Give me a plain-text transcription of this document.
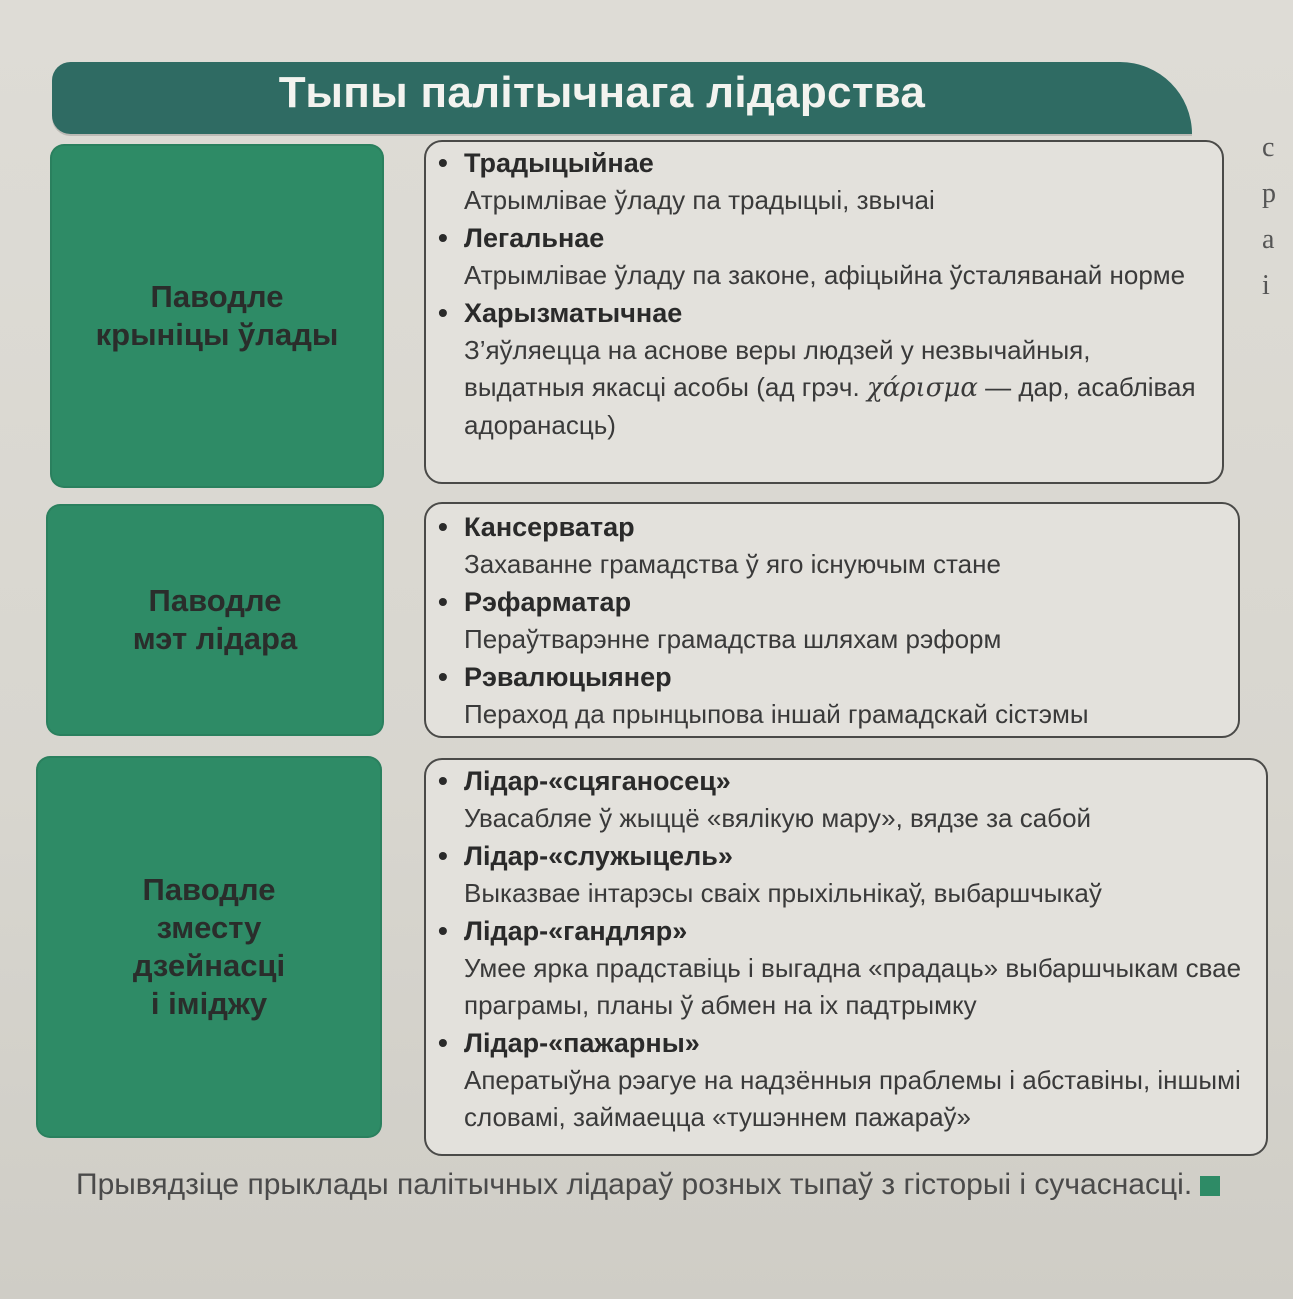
Тыпы палітычнага лідарства
с
р
а
і
Паводле
крыніцы ўлады
• Традыцыйнае
Атрымлівае ўладу па традыцыі, звычаі
• Легальнае
Атрымлівае ўладу па законе, афіцыйна ўсталяванай норме
• Харызматычнае
З’яўляецца на аснове веры людзей у незвычайныя, выдатныя якасці асобы (ад грэч. χάρισμα — дар, асаблівая адоранасць)
Паводле
мэт лідара
• Кансерватар
Захаванне грамадства ў яго існуючым стане
• Рэфарматар
Пераўтварэнне грамадства шляхам рэформ
• Рэвалюцыянер
Пераход да прынцыпова іншай грамадскай сістэмы
Паводле
зместу
дзейнасці
і іміджу
• Лідар-«сцяганосец»
Увасабляе ў жыццё «вялікую мару», вядзе за сабой
• Лідар-«служыцель»
Выказвае інтарэсы сваіх прыхільнікаў, выбаршчыкаў
• Лідар-«гандляр»
Умее ярка прадставіць і выгадна «прадаць» выбаршчыкам свае праграмы, планы ў абмен на іх падтрымку
• Лідар-«пажарны»
Аператыўна рэагуе на надзённыя праблемы і абставіны, іншымі словамі, займаецца «тушэннем пажараў»
Прывядзіце прыклады палітычных лідараў розных тыпаў з гісторыі і сучаснасці.
